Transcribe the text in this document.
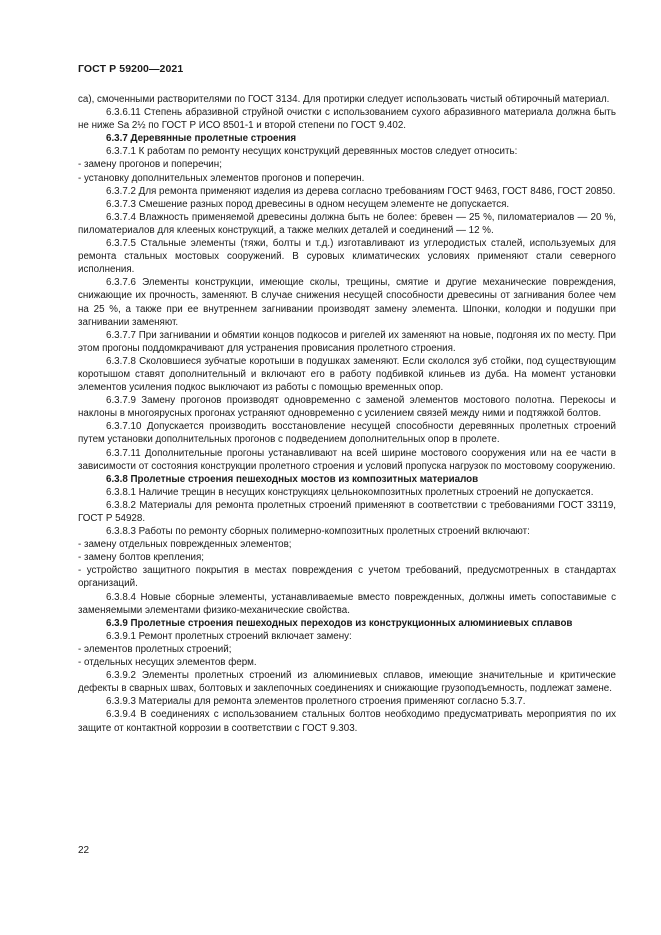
ГОСТ Р 59200—2021

са), смоченными растворителями по ГОСТ 3134. Для протирки следует использовать чистый обтирочный материал.

6.3.6.11 Степень абразивной струйной очистки с использованием сухого абразивного материала должна быть не ниже Sa 2½ по ГОСТ Р ИСО 8501-1 и второй степени по ГОСТ 9.402.

6.3.7 Деревянные пролетные строения

6.3.7.1 К работам по ремонту несущих конструкций деревянных мостов следует относить:

- замену прогонов и поперечин;

- установку дополнительных элементов прогонов и поперечин.

6.3.7.2 Для ремонта применяют изделия из дерева согласно требованиям ГОСТ 9463, ГОСТ 8486, ГОСТ 20850.

6.3.7.3 Смешение разных пород древесины в одном несущем элементе не допускается.

6.3.7.4 Влажность применяемой древесины должна быть не более: бревен — 25 %, пиломатериалов — 20 %, пиломатериалов для клееных конструкций, а также мелких деталей и соединений — 12 %.

6.3.7.5 Стальные элементы (тяжи, болты и т.д.) изготавливают из углеродистых сталей, используемых для ремонта стальных мостовых сооружений. В суровых климатических условиях применяют стали северного исполнения.

6.3.7.6 Элементы конструкции, имеющие сколы, трещины, смятие и другие механические повреждения, снижающие их прочность, заменяют. В случае снижения несущей способности древесины от загнивания более чем на 25 %, а также при ее внутреннем загнивании производят замену элемента. Шпонки, колодки и подушки при загнивании заменяют.

6.3.7.7 При загнивании и обмятии концов подкосов и ригелей их заменяют на новые, подгоняя их по месту. При этом прогоны поддомкрачивают для устранения провисания пролетного строения.

6.3.7.8 Сколовшиеся зубчатые коротыши в подушках заменяют. Если скололся зуб стойки, под существующим коротышом ставят дополнительный и включают его в работу подбивкой клиньев из дуба. На момент установки элементов усиления подкос выключают из работы с помощью временных опор.

6.3.7.9 Замену прогонов производят одновременно с заменой элементов мостового полотна. Перекосы и наклоны в многоярусных прогонах устраняют одновременно с усилением связей между ними и подтяжкой болтов.

6.3.7.10 Допускается производить восстановление несущей способности деревянных пролетных строений путем установки дополнительных прогонов с подведением дополнительных опор в пролете.

6.3.7.11 Дополнительные прогоны устанавливают на всей ширине мостового сооружения или на ее части в зависимости от состояния конструкции пролетного строения и условий пропуска нагрузок по мостовому сооружению.

6.3.8 Пролетные строения пешеходных мостов из композитных материалов

6.3.8.1 Наличие трещин в несущих конструкциях цельнокомпозитных пролетных строений не допускается.

6.3.8.2 Материалы для ремонта пролетных строений применяют в соответствии с требованиями ГОСТ 33119, ГОСТ Р 54928.

6.3.8.3 Работы по ремонту сборных полимерно-композитных пролетных строений включают:

- замену отдельных поврежденных элементов;

- замену болтов крепления;

- устройство защитного покрытия в местах повреждения с учетом требований, предусмотренных в стандартах организаций.

6.3.8.4 Новые сборные элементы, устанавливаемые вместо поврежденных, должны иметь сопоставимые с заменяемыми элементами физико-механические свойства.

6.3.9 Пролетные строения пешеходных переходов из конструкционных алюминиевых сплавов

6.3.9.1 Ремонт пролетных строений включает замену:

- элементов пролетных строений;

- отдельных несущих элементов ферм.

6.3.9.2 Элементы пролетных строений из алюминиевых сплавов, имеющие значительные и критические дефекты в сварных швах, болтовых и заклепочных соединениях и снижающие грузоподъемность, подлежат замене.

6.3.9.3 Материалы для ремонта элементов пролетного строения применяют согласно 5.3.7.

6.3.9.4 В соединениях с использованием стальных болтов необходимо предусматривать мероприятия по их защите от контактной коррозии в соответствии с ГОСТ 9.303.

22
